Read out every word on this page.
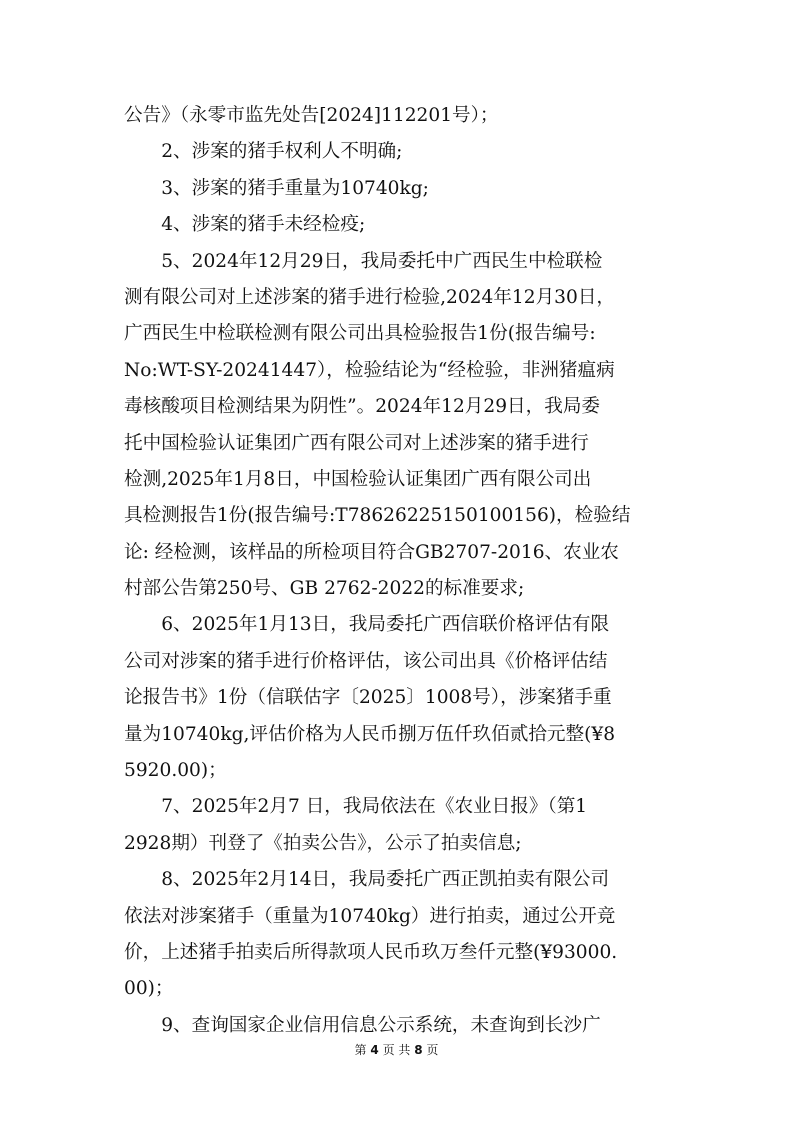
公告》（永零市监先处告[2024]112201号）；
　　2、涉案的猪手权利人不明确;
　　3、涉案的猪手重量为10740kg;
　　4、涉案的猪手未经检疫;
　　5、2024年12月29日，我局委托中广西民生中检联检
测有限公司对上述涉案的猪手进行检验,2024年12月30日，
广西民生中检联检测有限公司出具检验报告1份(报告编号:
No:WT-SY-20241447），检验结论为“经检验，非洲猪瘟病
毒核酸项目检测结果为阴性”。2024年12月29日，我局委
托中国检验认证集团广西有限公司对上述涉案的猪手进行
检测,2025年1月8日，中国检验认证集团广西有限公司出
具检测报告1份(报告编号:T78626225150100156)，检验结
论: 经检测，该样品的所检项目符合GB2707-2016、农业农
村部公告第250号、GB 2762-2022的标准要求;
　　6、2025年1月13日，我局委托广西信联价格评估有限
公司对涉案的猪手进行价格评估，该公司出具《价格评估结
论报告书》1份（信联估字〔2025〕1008号），涉案猪手重
量为10740kg,评估价格为人民币捌万伍仟玖佰贰拾元整(¥8
5920.00)；
　　7、2025年2月7 日，我局依法在《农业日报》（第1
2928期）刊登了《拍卖公告》，公示了拍卖信息;
　　8、2025年2月14日，我局委托广西正凯拍卖有限公司
依法对涉案猪手（重量为10740kg）进行拍卖，通过公开竞
价，上述猪手拍卖后所得款项人民币玖万叁仟元整(¥93000.
00)；
　　9、查询国家企业信用信息公示系统，未查询到长沙广
第 4 页 共 8 页
